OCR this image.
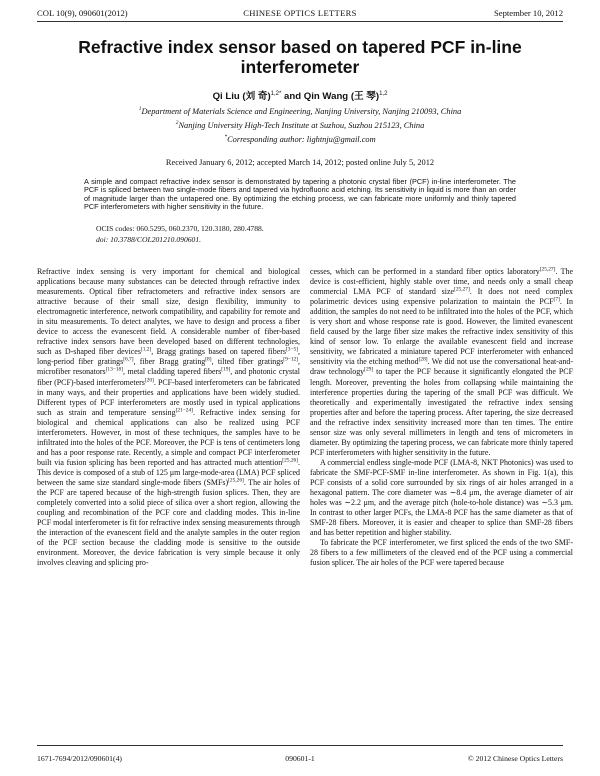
COL 10(9), 090601(2012)	CHINESE OPTICS LETTERS	September 10, 2012
Refractive index sensor based on tapered PCF in-line
interferometer
Qi Liu (刘 奇)$^{1,2*}$ and Qin Wang (王 琴)$^{1,2}$
$^1$Department of Materials Science and Engineering, Nanjing University, Nanjing 210093, China
$^2$Nanjing University High-Tech Institute at Suzhou, Suzhou 215123, China
*Corresponding author: lightnju@gmail.com
Received January 6, 2012; accepted March 14, 2012; posted online July 5, 2012
A simple and compact refractive index sensor is demonstrated by tapering a photonic crystal fiber (PCF) in-line interferometer. The PCF is spliced between two single-mode fibers and tapered via hydrofluoric acid etching. Its sensitivity in liquid is more than an order of magnitude larger than the untapered one. By optimizing the etching process, we can fabricate more uniformly and thinly tapered PCF interferometers with higher sensitivity in the future.
OCIS codes: 060.5295, 060.2370, 120.3180, 280.4788.
doi: 10.3788/COL201210.090601.

Refractive index sensing is very important for chemical and biological applications because many substances can be detected through refractive index measurements. Optical fiber refractometers and refractive index sensors are attractive because of their small size, design flexibility, immunity to electromagnetic interference, network compatibility, and capability for remote and in situ measurements. To detect analytes, we have to design and process a fiber device to access the evanescent field. A considerable number of fiber-based refractive index sensors have been developed based on different technologies, such as D-shaped fiber devices[1,2], Bragg gratings based on tapered fibers[3−5], long-period fiber gratings[6,7], fiber Bragg grating[8], tilted fiber gratings[9−12], microfiber resonators[13−18], metal cladding tapered fibers[19], and photonic crystal fiber (PCF)-based interferometers[20]. PCF-based interferometers can be fabricated in many ways, and their properties and applications have been widely studied. Different types of PCF interferometers are mostly used in typical applications such as strain and temperature sensing[21−24]. Refractive index sensing for biological and chemical applications can also be realized using PCF interferometers. However, in most of these techniques, the samples have to be infiltrated into the holes of the PCF. Moreover, the PCF is tens of centimeters long and has a poor response rate. Recently, a simple and compact PCF interferometer built via fusion splicing has been reported and has attracted much attention[25,26]. This device is composed of a stub of 125 μm large-mode-area (LMA) PCF spliced between the same size standard single-mode fibers (SMFs)[25,26]. The air holes of the PCF are tapered because of the high-strength fusion splices. Then, they are completely converted into a solid piece of silica over a short region, allowing the coupling and recombination of the PCF core and cladding modes. This in-line PCF modal interferometer is fit for refractive index sensing measurements through the interaction of the evanescent field and the analyte samples in the outer region of the PCF section because the cladding mode is sensitive to the outside environment. Moreover, the device fabrication is very simple because it only involves cleaving and splicing pro-

cesses, which can be performed in a standard fiber optics laboratory[25,27]. The device is cost-efficient, highly stable over time, and needs only a small cheap commercial LMA PCF of standard size[25,27]. It does not need complex polarimetric devices using expensive polarization to maintain the PCF[7]. In addition, the samples do not need to be infiltrated into the holes of the PCF, which is very short and whose response rate is good. However, the limited evanescent field caused by the large fiber size makes the refractive index sensitivity of this kind of sensor low. To enlarge the available evanescent field and increase sensitivity, we fabricated a miniature tapered PCF interferometer with enhanced sensitivity via the etching method[28]. We did not use the conversational heat-and-draw technology[29] to taper the PCF because it significantly elongated the PCF length. Moreover, preventing the holes from collapsing while maintaining the interference properties during the tapering of the small PCF was difficult. We theoretically and experimentally investigated the refractive index sensing properties after and before the tapering process. After tapering, the size decreased and the refractive index sensitivity increased more than ten times. The entire sensor size was only several millimeters in length and tens of micrometers in diameter. By optimizing the tapering process, we can fabricate more thinly tapered PCF interferometers with higher sensitivity in the future.

A commercial endless single-mode PCF (LMA-8, NKT Photonics) was used to fabricate the SMF-PCF-SMF in-line interferometer. As shown in Fig. 1(a), this PCF consists of a solid core surrounded by six rings of air holes arranged in a hexagonal pattern. The core diameter was ∼8.4 μm, the average diameter of air holes was ∼2.2 μm, and the average pitch (hole-to-hole distance) was ∼5.3 μm. In contrast to other larger PCFs, the LMA-8 PCF has the same diameter as that of SMF-28 fibers. Moreover, it is easier and cheaper to splice than SMF-28 fibers and has better repetition and higher stability.

To fabricate the PCF interferometer, we first spliced the ends of the two SMF-28 fibers to a few millimeters of the cleaved end of the PCF using a commercial fusion splicer. The air holes of the PCF were tapered because

1671-7694/2012/090601(4)	090601-1	© 2012 Chinese Optics Letters
